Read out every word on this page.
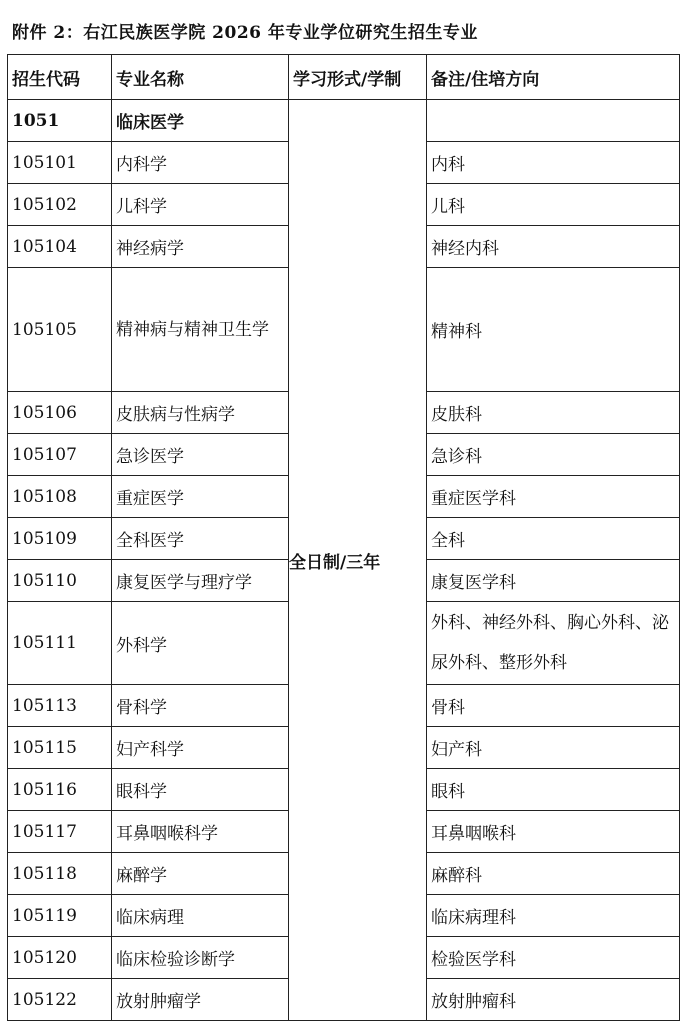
附件 2：右江民族医学院 2026 年专业学位研究生招生专业
招生代码	专业名称	学习形式/学制	备注/住培方向
1051	临床医学	全日制/三年	
105101	内科学		内科
105102	儿科学		儿科
105104	神经病学		神经内科
105105	精神病与精神卫生学		精神科
105106	皮肤病与性病学		皮肤科
105107	急诊医学		急诊科
105108	重症医学		重症医学科
105109	全科医学		全科
105110	康复医学与理疗学		康复医学科
105111	外科学		外科、神经外科、胸心外科、泌尿外科、整形外科
105113	骨科学		骨科
105115	妇产科学		妇产科
105116	眼科学		眼科
105117	耳鼻咽喉科学		耳鼻咽喉科
105118	麻醉学		麻醉科
105119	临床病理		临床病理科
105120	临床检验诊断学		检验医学科
105122	放射肿瘤学		放射肿瘤科
